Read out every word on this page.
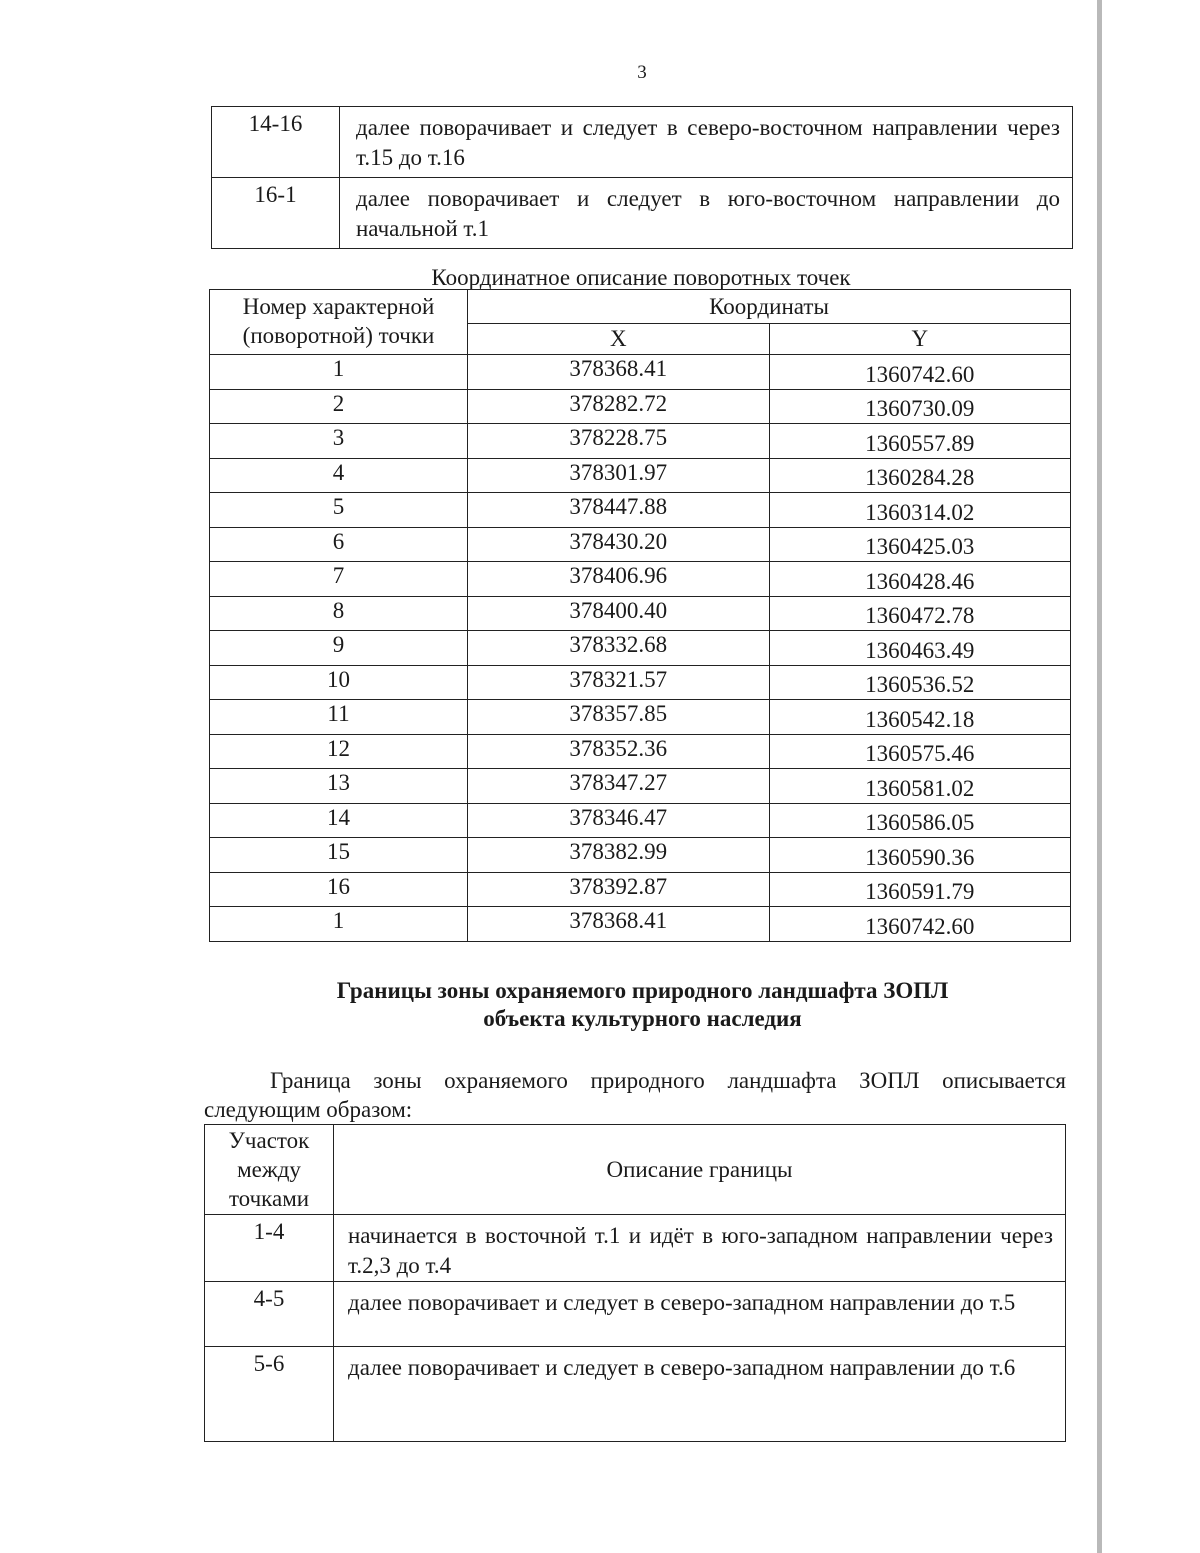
3
14-16	далее поворачивает и следует в северо-восточном направлении через т.15 до т.16
16-1	далее поворачивает и следует в юго-восточном направлении до начальной т.1
Координатное описание поворотных точек
Номер характерной (поворотной) точки	Координаты	
	X	Y
1	378368.41	1360742.60
2	378282.72	1360730.09
3	378228.75	1360557.89
4	378301.97	1360284.28
5	378447.88	1360314.02
6	378430.20	1360425.03
7	378406.96	1360428.46
8	378400.40	1360472.78
9	378332.68	1360463.49
10	378321.57	1360536.52
11	378357.85	1360542.18
12	378352.36	1360575.46
13	378347.27	1360581.02
14	378346.47	1360586.05
15	378382.99	1360590.36
16	378392.87	1360591.79
1	378368.41	1360742.60
Границы зоны охраняемого природного ландшафта ЗОПЛ
объекта культурного наследия
Граница зоны охраняемого природного ландшафта ЗОПЛ описывается следующим образом:
Участок между точками	Описание границы
1-4	начинается в восточной т.1 и идёт в юго-западном направлении через т.2,3 до т.4
4-5	далее поворачивает и следует в северо-западном направлении до т.5
5-6	далее поворачивает и следует в северо-западном направлении до т.6
